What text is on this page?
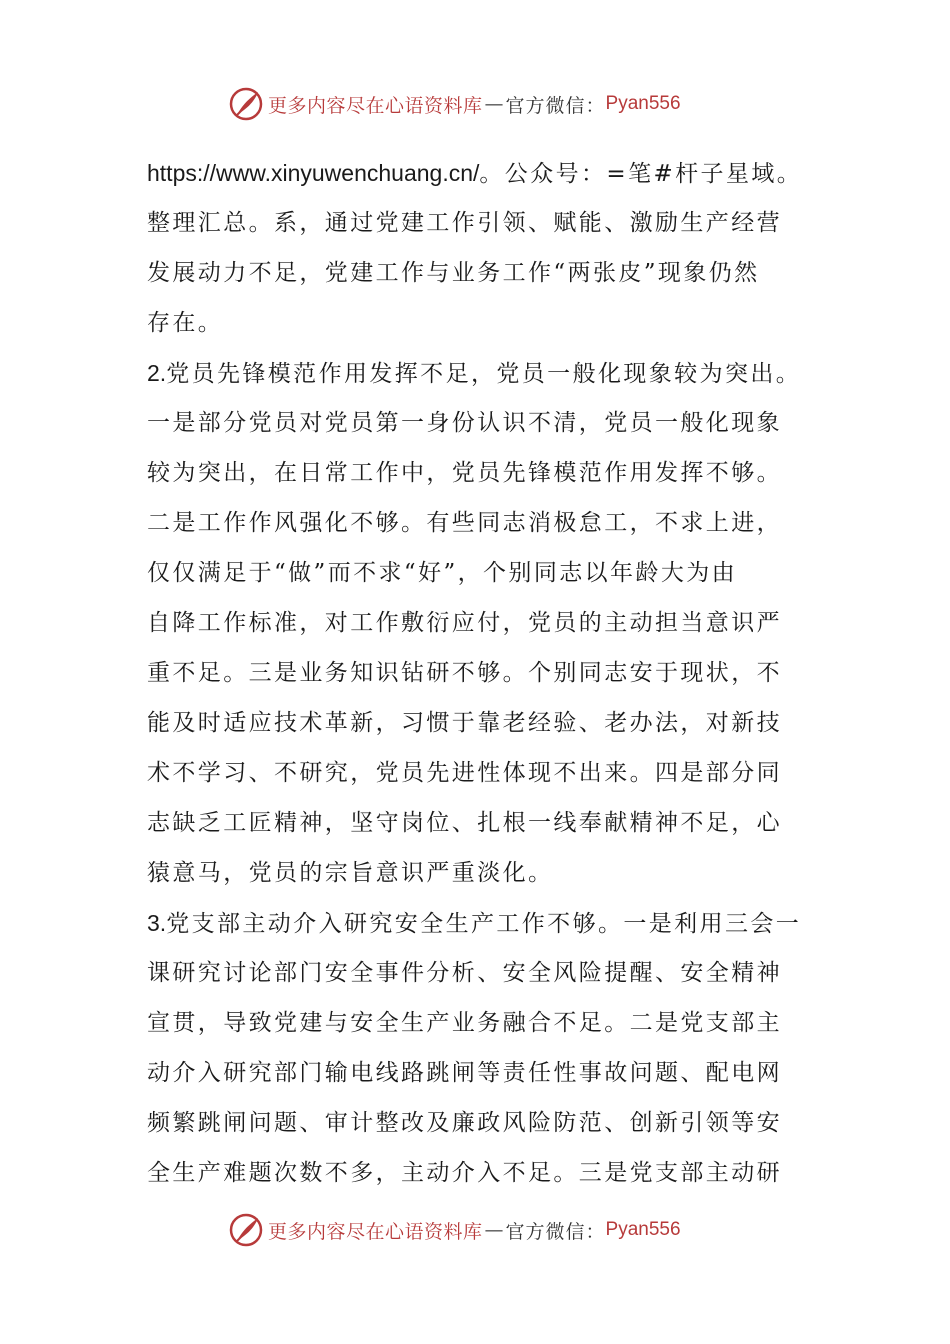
更多内容尽在心语资料库 — 官方微信： Pyan556
https://www.xinyuwenchuang.cn/。公众号：=笔#杆子星域。
整理汇总。系，通过党建工作引领、赋能、激励生产经营
发展动力不足，党建工作与业务工作“两张皮”现象仍然
存在。
2.党员先锋模范作用发挥不足，党员一般化现象较为突出。
一是部分党员对党员第一身份认识不清，党员一般化现象
较为突出，在日常工作中，党员先锋模范作用发挥不够。
二是工作作风强化不够。有些同志消极怠工，不求上进，
仅仅满足于“做”而不求“好”，个别同志以年龄大为由
自降工作标准，对工作敷衍应付，党员的主动担当意识严
重不足。三是业务知识钻研不够。个别同志安于现状，不
能及时适应技术革新，习惯于靠老经验、老办法，对新技
术不学习、不研究，党员先进性体现不出来。四是部分同
志缺乏工匠精神，坚守岗位、扎根一线奉献精神不足，心
猿意马，党员的宗旨意识严重淡化。
3.党支部主动介入研究安全生产工作不够。一是利用三会一
课研究讨论部门安全事件分析、安全风险提醒、安全精神
宣贯，导致党建与安全生产业务融合不足。二是党支部主
动介入研究部门输电线路跳闸等责任性事故问题、配电网
频繁跳闸问题、审计整改及廉政风险防范、创新引领等安
全生产难题次数不多，主动介入不足。三是党支部主动研
更多内容尽在心语资料库 — 官方微信： Pyan556
